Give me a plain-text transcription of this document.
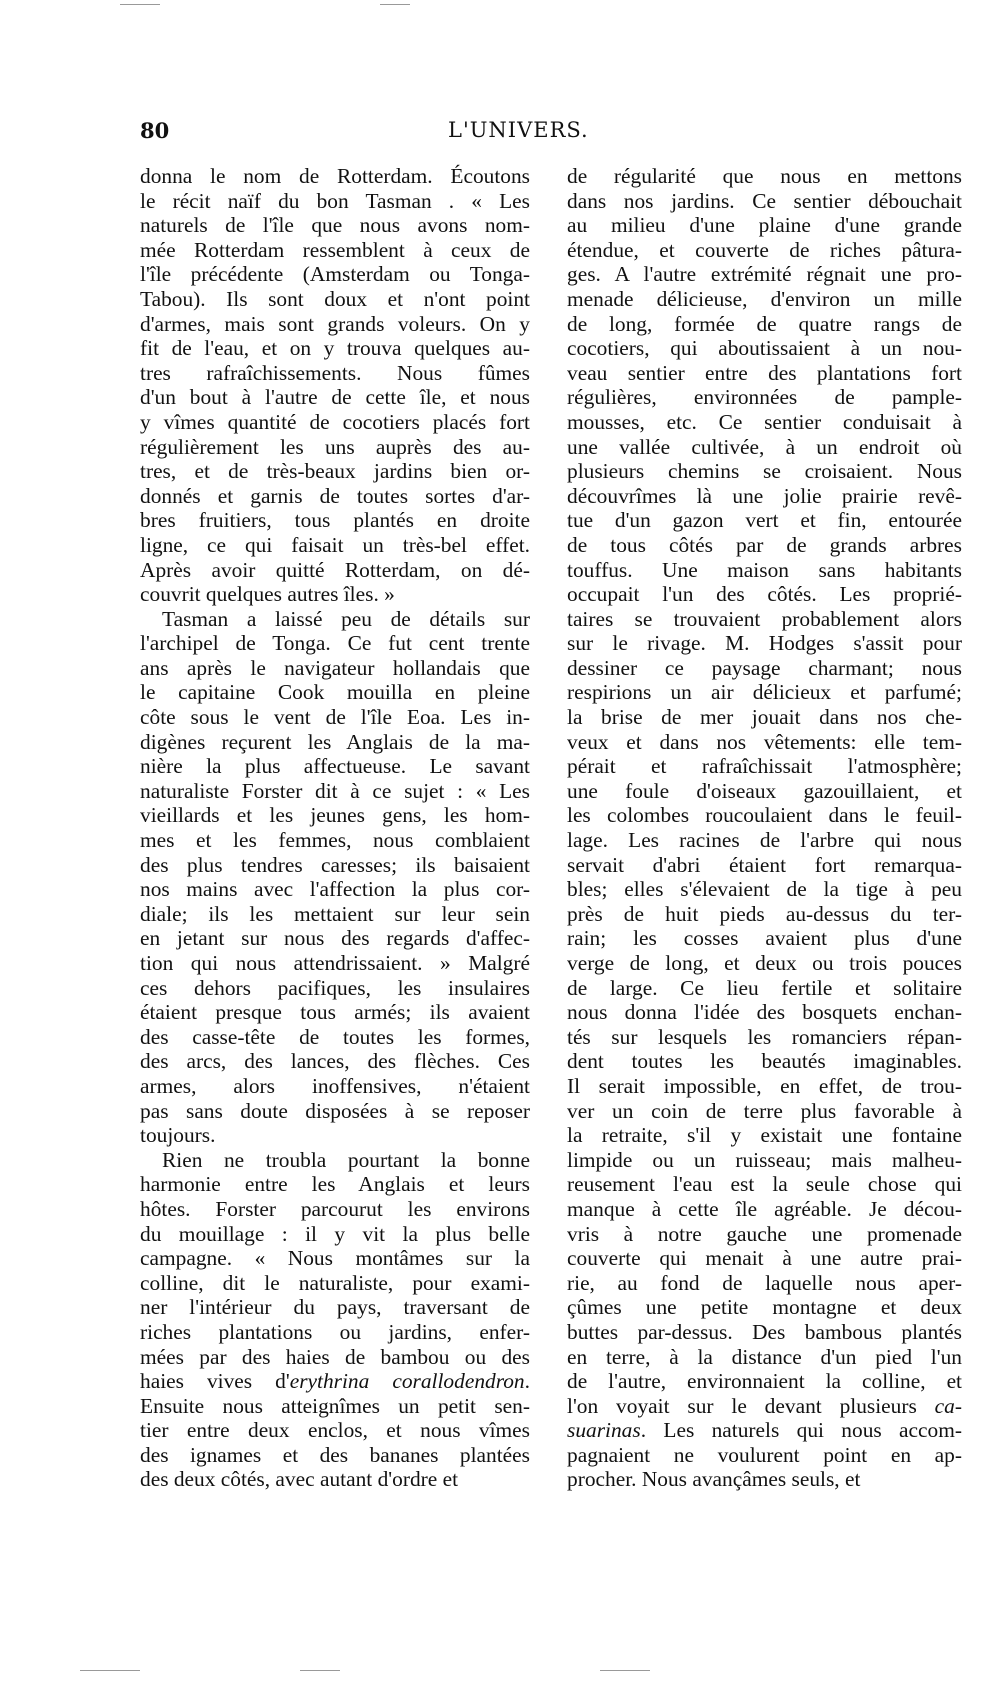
80	L'UNIVERS.
donna le nom de Rotterdam. Écoutons
le récit naïf du bon Tasman . « Les
naturels de l'île que nous avons nom-
mée Rotterdam ressemblent à ceux de
l'île précédente (Amsterdam ou Tonga-
Tabou). Ils sont doux et n'ont point
d'armes, mais sont grands voleurs. On y
fit de l'eau, et on y trouva quelques au-
tres rafraîchissements. Nous fûmes
d'un bout à l'autre de cette île, et nous
y vîmes quantité de cocotiers placés fort
régulièrement les uns auprès des au-
tres, et de très-beaux jardins bien or-
donnés et garnis de toutes sortes d'ar-
bres fruitiers, tous plantés en droite
ligne, ce qui faisait un très-bel effet.
Après avoir quitté Rotterdam, on dé-
couvrit quelques autres îles. »
Tasman a laissé peu de détails sur
l'archipel de Tonga. Ce fut cent trente
ans après le navigateur hollandais que
le capitaine Cook mouilla en pleine
côte sous le vent de l'île Eoa. Les in-
digènes reçurent les Anglais de la ma-
nière la plus affectueuse. Le savant
naturaliste Forster dit à ce sujet : « Les
vieillards et les jeunes gens, les hom-
mes et les femmes, nous comblaient
des plus tendres caresses; ils baisaient
nos mains avec l'affection la plus cor-
diale; ils les mettaient sur leur sein
en jetant sur nous des regards d'affec-
tion qui nous attendrissaient. » Malgré
ces dehors pacifiques, les insulaires
étaient presque tous armés; ils avaient
des casse-tête de toutes les formes,
des arcs, des lances, des flèches. Ces
armes, alors inoffensives, n'étaient
pas sans doute disposées à se reposer
toujours.
Rien ne troubla pourtant la bonne
harmonie entre les Anglais et leurs
hôtes. Forster parcourut les environs
du mouillage : il y vit la plus belle
campagne. « Nous montâmes sur la
colline, dit le naturaliste, pour exami-
ner l'intérieur du pays, traversant de
riches plantations ou jardins, enfer-
mées par des haies de bambou ou des
haies vives d'erythrina corallodendron.
Ensuite nous atteignîmes un petit sen-
tier entre deux enclos, et nous vîmes
des ignames et des bananes plantées
des deux côtés, avec autant d'ordre et
de régularité que nous en mettons
dans nos jardins. Ce sentier débouchait
au milieu d'une plaine d'une grande
étendue, et couverte de riches pâtura-
ges. A l'autre extrémité régnait une pro-
menade délicieuse, d'environ un mille
de long, formée de quatre rangs de
cocotiers, qui aboutissaient à un nou-
veau sentier entre des plantations fort
régulières, environnées de pample-
mousses, etc. Ce sentier conduisait à
une vallée cultivée, à un endroit où
plusieurs chemins se croisaient. Nous
découvrîmes là une jolie prairie revê-
tue d'un gazon vert et fin, entourée
de tous côtés par de grands arbres
touffus. Une maison sans habitants
occupait l'un des côtés. Les proprié-
taires se trouvaient probablement alors
sur le rivage. M. Hodges s'assit pour
dessiner ce paysage charmant; nous
respirions un air délicieux et parfumé;
la brise de mer jouait dans nos che-
veux et dans nos vêtements: elle tem-
pérait et rafraîchissait l'atmosphère;
une foule d'oiseaux gazouillaient, et
les colombes roucoulaient dans le feuil-
lage. Les racines de l'arbre qui nous
servait d'abri étaient fort remarqua-
bles; elles s'élevaient de la tige à peu
près de huit pieds au-dessus du ter-
rain; les cosses avaient plus d'une
verge de long, et deux ou trois pouces
de large. Ce lieu fertile et solitaire
nous donna l'idée des bosquets enchan-
tés sur lesquels les romanciers répan-
dent toutes les beautés imaginables.
Il serait impossible, en effet, de trou-
ver un coin de terre plus favorable à
la retraite, s'il y existait une fontaine
limpide ou un ruisseau; mais malheu-
reusement l'eau est la seule chose qui
manque à cette île agréable. Je décou-
vris à notre gauche une promenade
couverte qui menait à une autre prai-
rie, au fond de laquelle nous aper-
çûmes une petite montagne et deux
buttes par-dessus. Des bambous plantés
en terre, à la distance d'un pied l'un
de l'autre, environnaient la colline, et
l'on voyait sur le devant plusieurs ca-
suarinas. Les naturels qui nous accom-
pagnaient ne voulurent point en ap-
procher. Nous avançâmes seuls, et
